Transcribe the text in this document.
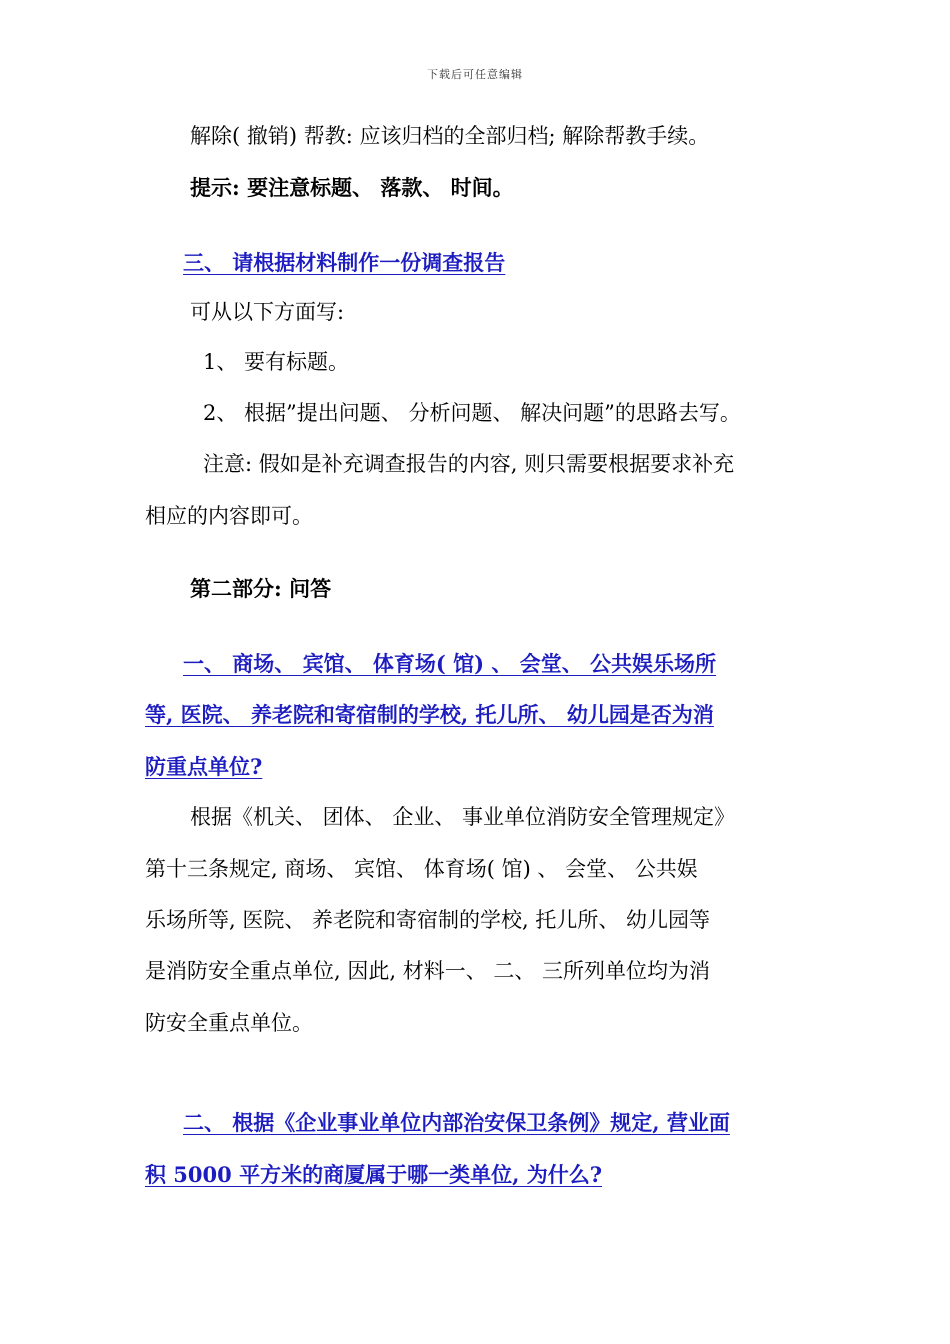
下载后可任意编辑
解除( 撤销) 帮教: 应该归档的全部归档; 解除帮教手续。
提示: 要注意标题、 落款、 时间。
三、 请根据材料制作一份调查报告
可从以下方面写:
1、 要有标题。
2、 根据”提出问题、 分析问题、 解决问题”的思路去写。
注意: 假如是补充调查报告的内容, 则只需要根据要求补充
相应的内容即可。
第二部分: 问答
一、 商场、 宾馆、 体育场( 馆) 、 会堂、 公共娱乐场所
等, 医院、 养老院和寄宿制的学校, 托儿所、 幼儿园是否为消
防重点单位?
根据《机关、 团体、 企业、 事业单位消防安全管理规定》
第十三条规定, 商场、 宾馆、 体育场( 馆) 、 会堂、 公共娱
乐场所等, 医院、 养老院和寄宿制的学校, 托儿所、 幼儿园等
是消防安全重点单位, 因此, 材料一、 二、 三所列单位均为消
防安全重点单位。
二、 根据《企业事业单位内部治安保卫条例》规定, 营业面
积 5000 平方米的商厦属于哪一类单位, 为什么?
